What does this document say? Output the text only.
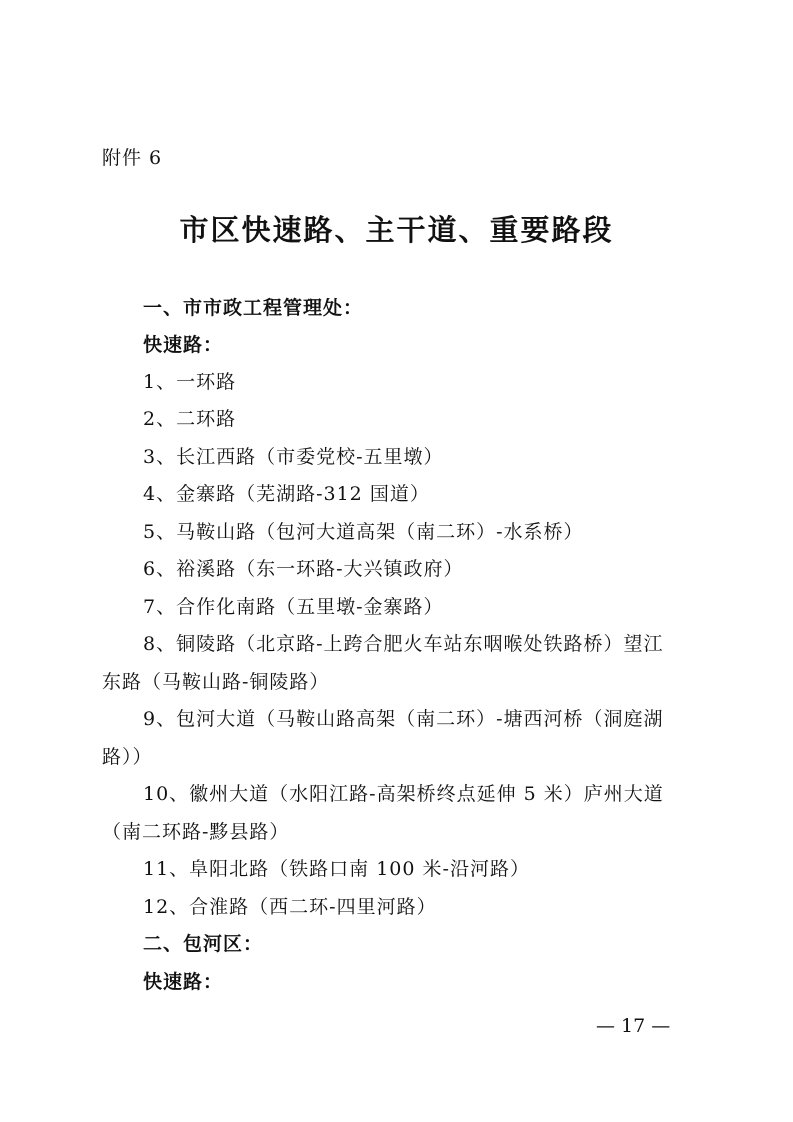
附件 6
市区快速路、主干道、重要路段
一、市市政工程管理处：
快速路：
1、一环路
2、二环路
3、长江西路（市委党校-五里墩）
4、金寨路（芜湖路-312 国道）
5、马鞍山路（包河大道高架（南二环）-水系桥）
6、裕溪路（东一环路-大兴镇政府）
7、合作化南路（五里墩-金寨路）
8、铜陵路（北京路-上跨合肥火车站东咽喉处铁路桥）望江
东路（马鞍山路-铜陵路）
9、包河大道（马鞍山路高架（南二环）-塘西河桥（洞庭湖
路））
10、徽州大道（水阳江路-高架桥终点延伸 5 米）庐州大道
（南二环路-黟县路）
11、阜阳北路（铁路口南 100 米-沿河路）
12、合淮路（西二环-四里河路）
二、包河区：
快速路：
— 17 —
